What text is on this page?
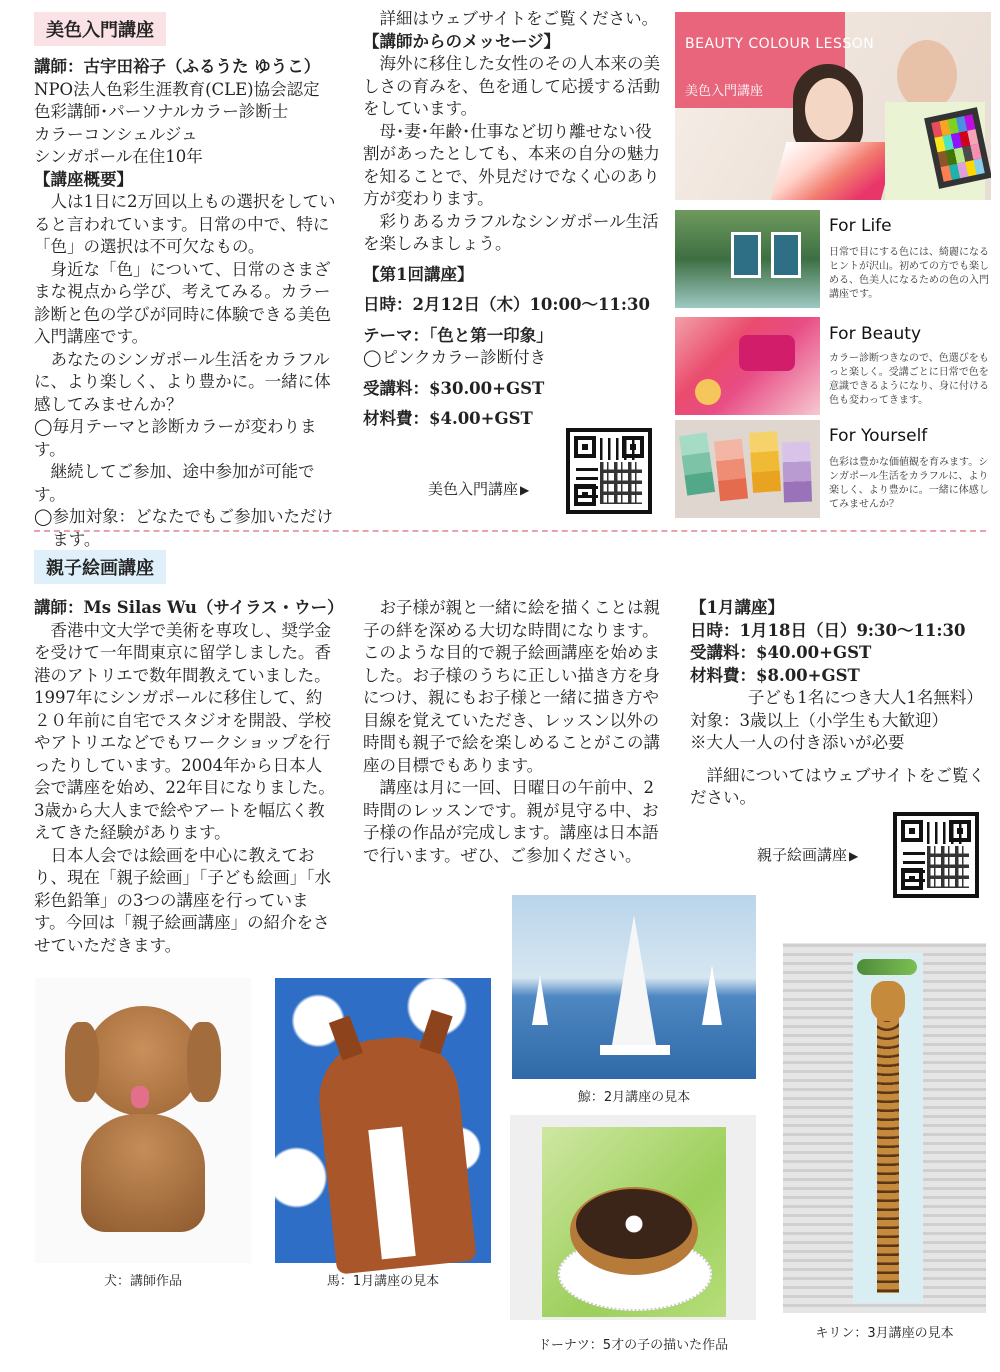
美色入門講座

講師：古宇田裕子（ふるうた ゆうこ）

NPO法人色彩生涯教育(CLE)協会認定

色彩講師･パーソナルカラー診断士

カラーコンシェルジュ

シンガポール在住10年

【講座概要】

人は1日に2万回以上もの選択をしていると言われています。日常の中で、特に「色」の選択は不可欠なもの。

身近な「色」について、日常のさまざまな視点から学び、考えてみる。カラー診断と色の学びが同時に体験できる美色入門講座です。

あなたのシンガポール生活をカラフルに、より楽しく、より豊かに。一緒に体感してみませんか？

◯毎月テーマと診断カラーが変わります。

継続してご参加、途中参加が可能です。

◯参加対象：どなたでもご参加いただけます。

詳細はウェブサイトをご覧ください。

【講師からのメッセージ】

海外に移住した女性のその人本来の美しさの育みを、色を通して応援する活動をしています。

母･妻･年齢･仕事など切り離せない役割があったとしても、本来の自分の魅力を知ることで、外見だけでなく心のあり方が変わります。

彩りあるカラフルなシンガポール生活を楽しみましょう。

【第1回講座】

日時：2月12日（木）10:00〜11:30

テーマ：「色と第一印象」

◯ピンクカラー診断付き

受講料：$30.00+GST

材料費：$4.00+GST

美色入門講座 ▶
BEAUTY COLOUR LESSON
美色入門講座
For Life
日常で目にする色には、綺麗になるヒントが沢山。初めての方でも楽しめる、色美人になるための色の入門講座です。
For Beauty
カラー診断つきなので、色選びをもっと楽しく。受講ごとに日常で色を意識できるようになり、身に付ける色も変わってきます。
For Yourself
色彩は豊かな価値観を育みます。シンガポール生活をカラフルに、より楽しく、より豊かに。一緒に体感してみませんか？
親子絵画講座

講師：Ms Silas Wu（サイラス・ウー）

香港中文大学で美術を専攻し、奨学金を受けて一年間東京に留学しました。香港のアトリエで数年間教えていました。1997年にシンガポールに移住して、約２０年前に自宅でスタジオを開設、学校やアトリエなどでもワークショップを行ったりしています。2004年から日本人会で講座を始め、22年目になりました。3歳から大人まで絵やアートを幅広く教えてきた経験があります。

日本人会では絵画を中心に教えており、現在「親子絵画」「子ども絵画」「水彩色鉛筆」の3つの講座を行っています。今回は「親子絵画講座」の紹介をさせていただきます。

お子様が親と一緒に絵を描くことは親子の絆を深める大切な時間になります。このような目的で親子絵画講座を始めました。お子様のうちに正しい描き方を身につけ、親にもお子様と一緒に描き方や目線を覚えていただき、レッスン以外の時間も親子で絵を楽しめることがこの講座の目標でもあります。

講座は月に一回、日曜日の午前中、2時間のレッスンです。親が見守る中、お子様の作品が完成します。講座は日本語で行います。ぜひ、ご参加ください。

【1月講座】

日時：1月18日（日）9:30〜11:30

受講料：$40.00+GST

材料費：$8.00+GST

子ども1名につき大人1名無料）

対象：3歳以上（小学生も大歓迎）

※大人一人の付き添いが必要

詳細についてはウェブサイトをご覧ください。

親子絵画講座 ▶
犬：講師作品	馬：1月講座の見本
鯨：2月講座の見本
ドーナツ：5才の子の描いた作品
キリン：3月講座の見本
